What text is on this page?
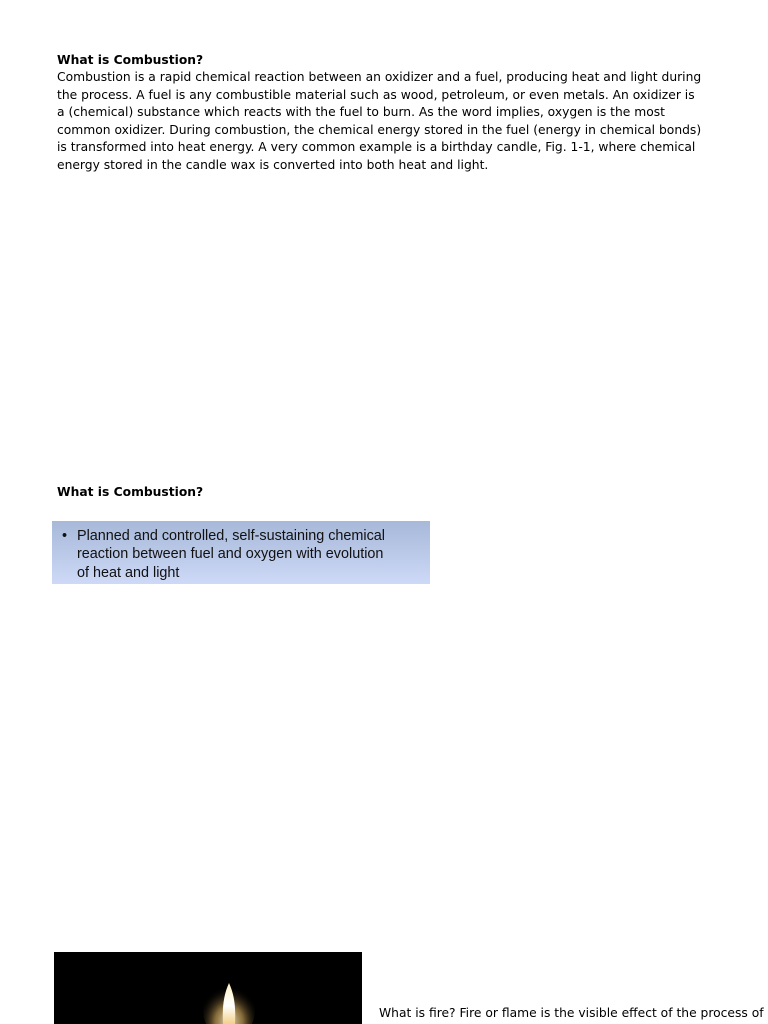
What is Combustion?
Combustion is a rapid chemical reaction between an oxidizer and a fuel, producing heat and light during
the process. A fuel is any combustible material such as wood, petroleum, or even metals. An oxidizer is
a (chemical) substance which reacts with the fuel to burn. As the word implies, oxygen is the most
common oxidizer. During combustion, the chemical energy stored in the fuel (energy in chemical bonds)
is transformed into heat energy. A very common example is a birthday candle, Fig. 1-1, where chemical
energy stored in the candle wax is converted into both heat and light.
What is Combustion?
• Planned and controlled, self-sustaining chemical
reaction between fuel and oxygen with evolution
of heat and light
What is fire? Fire or flame is the visible effect of the process of
